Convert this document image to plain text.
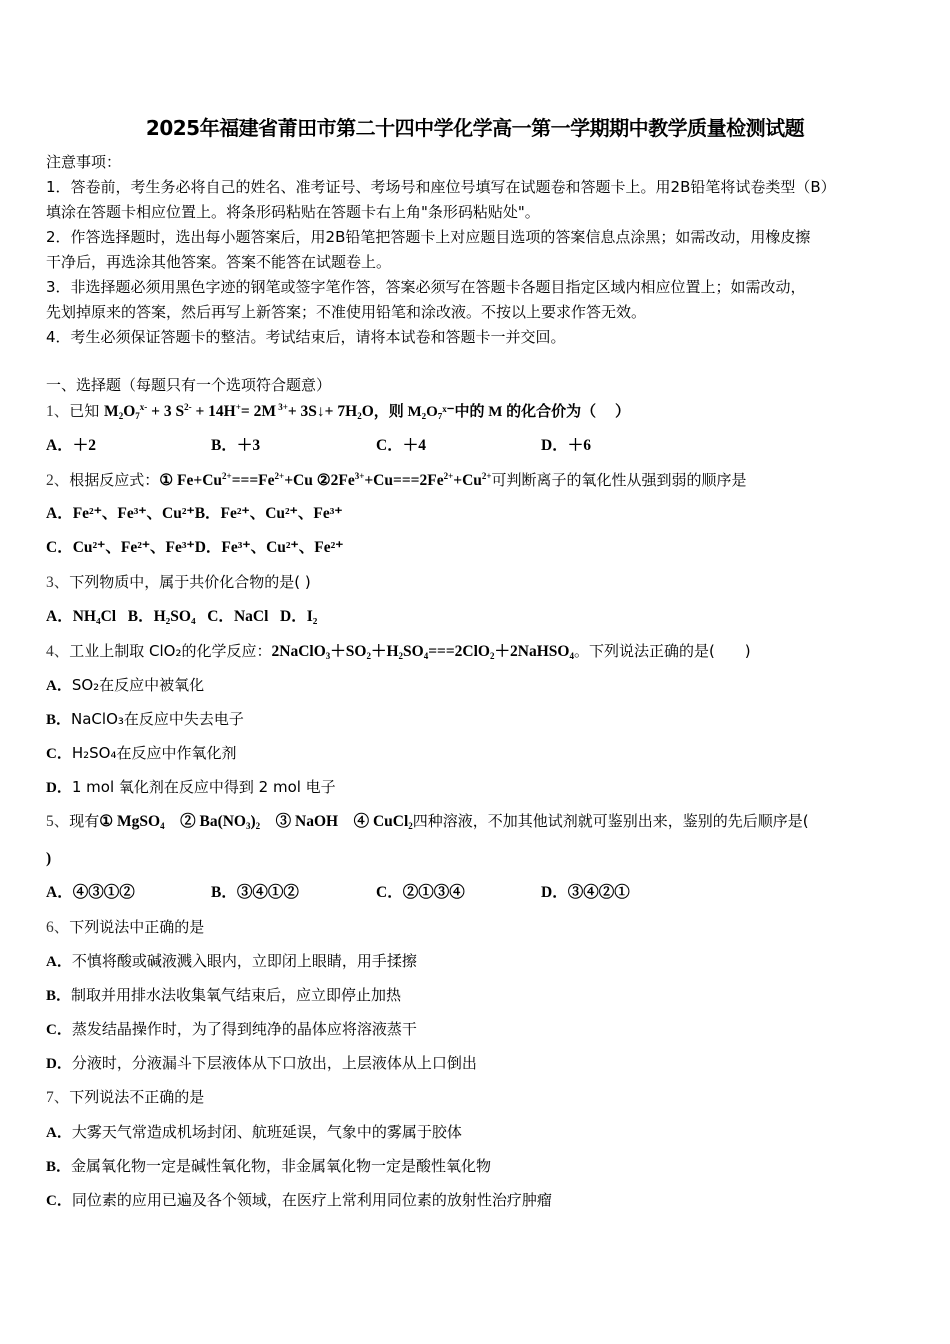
2025年福建省莆田市第二十四中学化学高一第一学期期中教学质量检测试题
注意事项：

1．答卷前，考生务必将自己的姓名、准考证号、考场号和座位号填写在试题卷和答题卡上。用2B铅笔将试卷类型（B）

填涂在答题卡相应位置上。将条形码粘贴在答题卡右上角"条形码粘贴处"。

2．作答选择题时，选出每小题答案后，用2B铅笔把答题卡上对应题目选项的答案信息点涂黑；如需改动，用橡皮擦

干净后，再选涂其他答案。答案不能答在试题卷上。

3．非选择题必须用黑色字迹的钢笔或签字笔作答，答案必须写在答题卡各题目指定区域内相应位置上；如需改动，

先划掉原来的答案，然后再写上新答案；不准使用铅笔和涂改液。不按以上要求作答无效。

4．考生必须保证答题卡的整洁。考试结束后，请将本试卷和答题卡一并交回。

一、选择题（每题只有一个选项符合题意）
1、已知 $M_2O_7^{x-} + 3$ $S^{2-} + 14H^+= 2M$ $^{3+}$+ 3S↓+ $7H_2O$，则 M₂O₇ˣ⁻中的 M 的化合价为（　 ）
A．＋2	B．＋3	C．＋4	D．＋6
2、根据反应式：① $Fe+Cu^{2+}===Fe^{2+}+Cu$ $②2Fe^{3+}+Cu===2Fe^{2+}+Cu^{2+}$可判断离子的氧化性从强到弱的顺序是
A．Fe²⁺、Fe³⁺、Cu²⁺B．Fe²⁺、Cu²⁺、Fe³⁺
C．Cu²⁺、Fe²⁺、Fe³⁺D．Fe³⁺、Cu²⁺、Fe²⁺
3、下列物质中，属于共价化合物的是( )
A．NH₄Cl B．H₂SO₄ C．NaCl D．I₂
4、工业上制取 ClO₂的化学反应：$2NaClO_3+SO_2+H_2SO_4===2ClO_2+2NaHSO_4$。下列说法正确的是(　　)
A．SO₂在反应中被氧化
B．NaClO₃在反应中失去电子
C．H₂SO₄在反应中作氧化剂
D．1 mol 氧化剂在反应中得到 2 mol 电子
5、现有① MgSO$_4$　② $Ba(NO_3)_2$　③ NaOH　④ CuCl$_2$四种溶液，不加其他试剂就可鉴别出来，鉴别的先后顺序是(
)
A．④③①②	B．③④①②	C．②①③④	D．③④②①
6、下列说法中正确的是
A．不慎将酸或碱液溅入眼内，立即闭上眼睛，用手揉擦
B．制取并用排水法收集氧气结束后，应立即停止加热
C．蒸发结晶操作时，为了得到纯净的晶体应将溶液蒸干
D．分液时，分液漏斗下层液体从下口放出，上层液体从上口倒出
7、下列说法不正确的是
A．大雾天气常造成机场封闭、航班延误，气象中的雾属于胶体
B．金属氧化物一定是碱性氧化物，非金属氧化物一定是酸性氧化物
C．同位素的应用已遍及各个领域，在医疗上常利用同位素的放射性治疗肿瘤
